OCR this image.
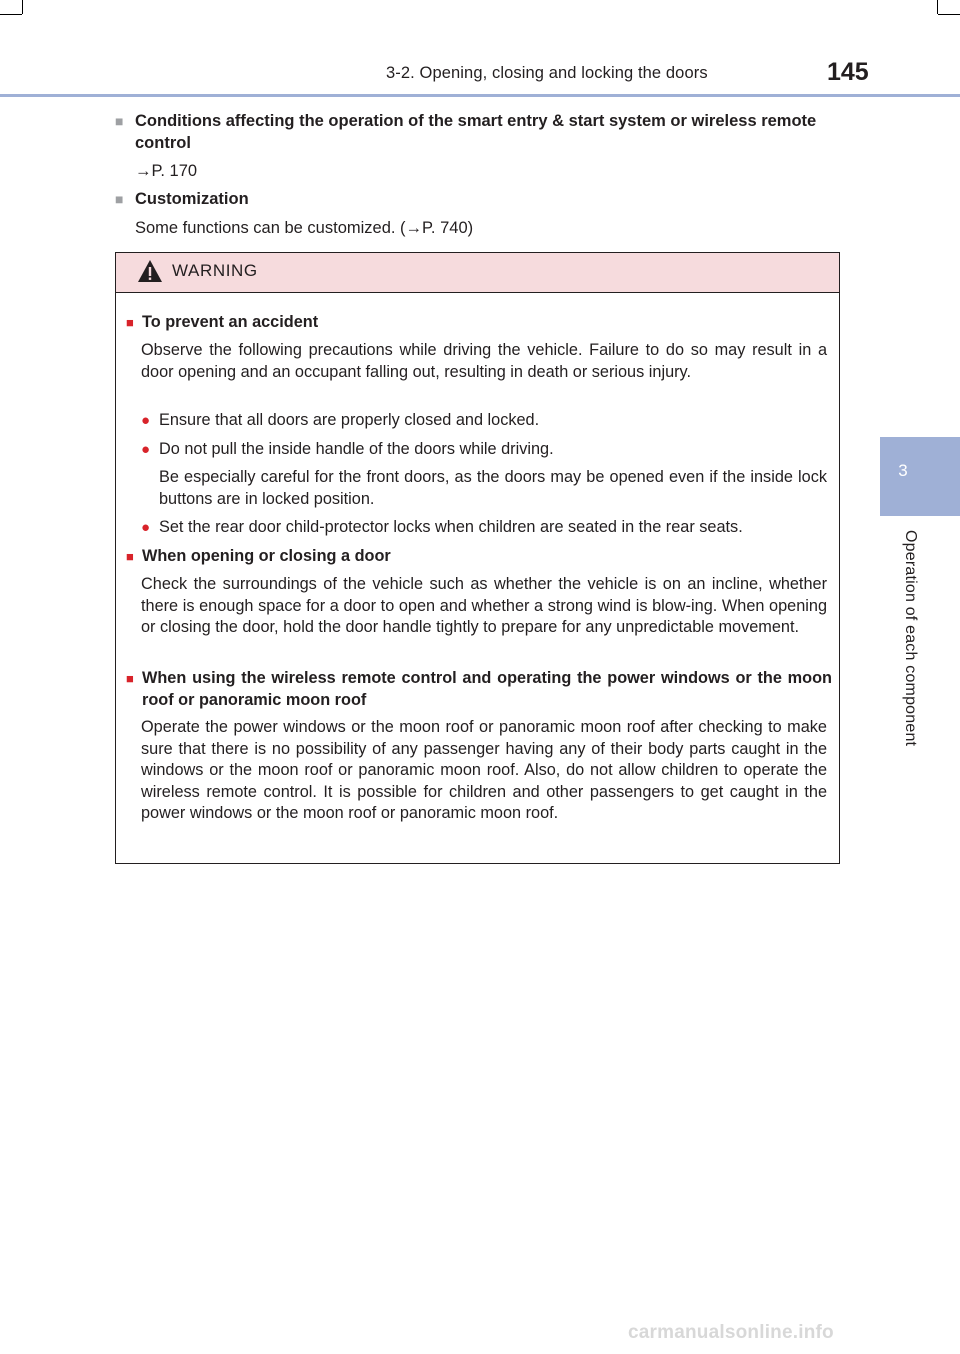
3-2. Opening, closing and locking the doors	145
3
Operation of each component
■ Conditions affecting the operation of the smart entry & start system or wireless remote control
→P. 170
■ Customization
Some functions can be customized. (→P. 740)
WARNING
■ To prevent an accident
Observe the following precautions while driving the vehicle. Failure to do so may result in a door opening and an occupant falling out, resulting in death or serious injury.
● Ensure that all doors are properly closed and locked.
● Do not pull the inside handle of the doors while driving.
Be especially careful for the front doors, as the doors may be opened even if the inside lock buttons are in locked position.
● Set the rear door child-protector locks when children are seated in the rear seats.
■ When opening or closing a door
Check the surroundings of the vehicle such as whether the vehicle is on an incline, whether there is enough space for a door to open and whether a strong wind is blow-ing. When opening or closing the door, hold the door handle tightly to prepare for any unpredictable movement.
■ When using the wireless remote control and operating the power windows or the moon roof or panoramic moon roof
Operate the power windows or the moon roof or panoramic moon roof after checking to make sure that there is no possibility of any passenger having any of their body parts caught in the windows or the moon roof or panoramic moon roof. Also, do not allow children to operate the wireless remote control. It is possible for children and other passengers to get caught in the power windows or the moon roof or panoramic moon roof.
carmanualsonline.info
